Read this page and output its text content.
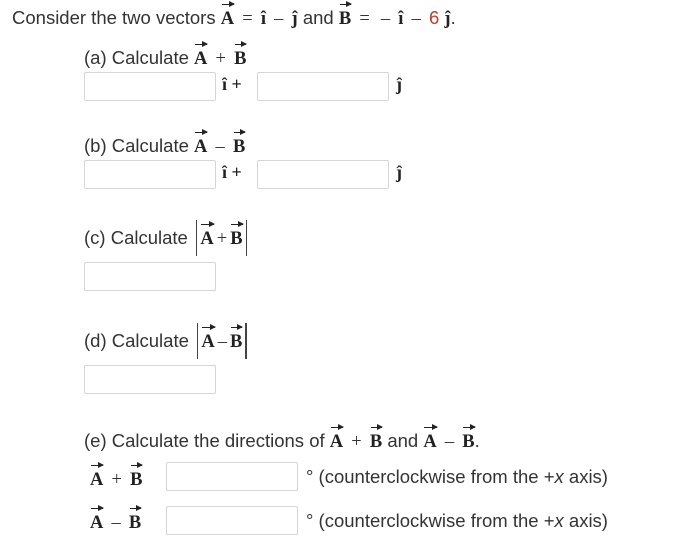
Consider the two vectors A = î – ĵ and B = – î – 6 ĵ.
(a) Calculate A + B
î +	ĵ
(b) Calculate A – B
î +	ĵ
(c) Calculate A + B
(d) Calculate A – B
(e) Calculate the directions of A + B and A – B.
A + B	° (counterclockwise from the +x axis)
A – B	° (counterclockwise from the +x axis)
